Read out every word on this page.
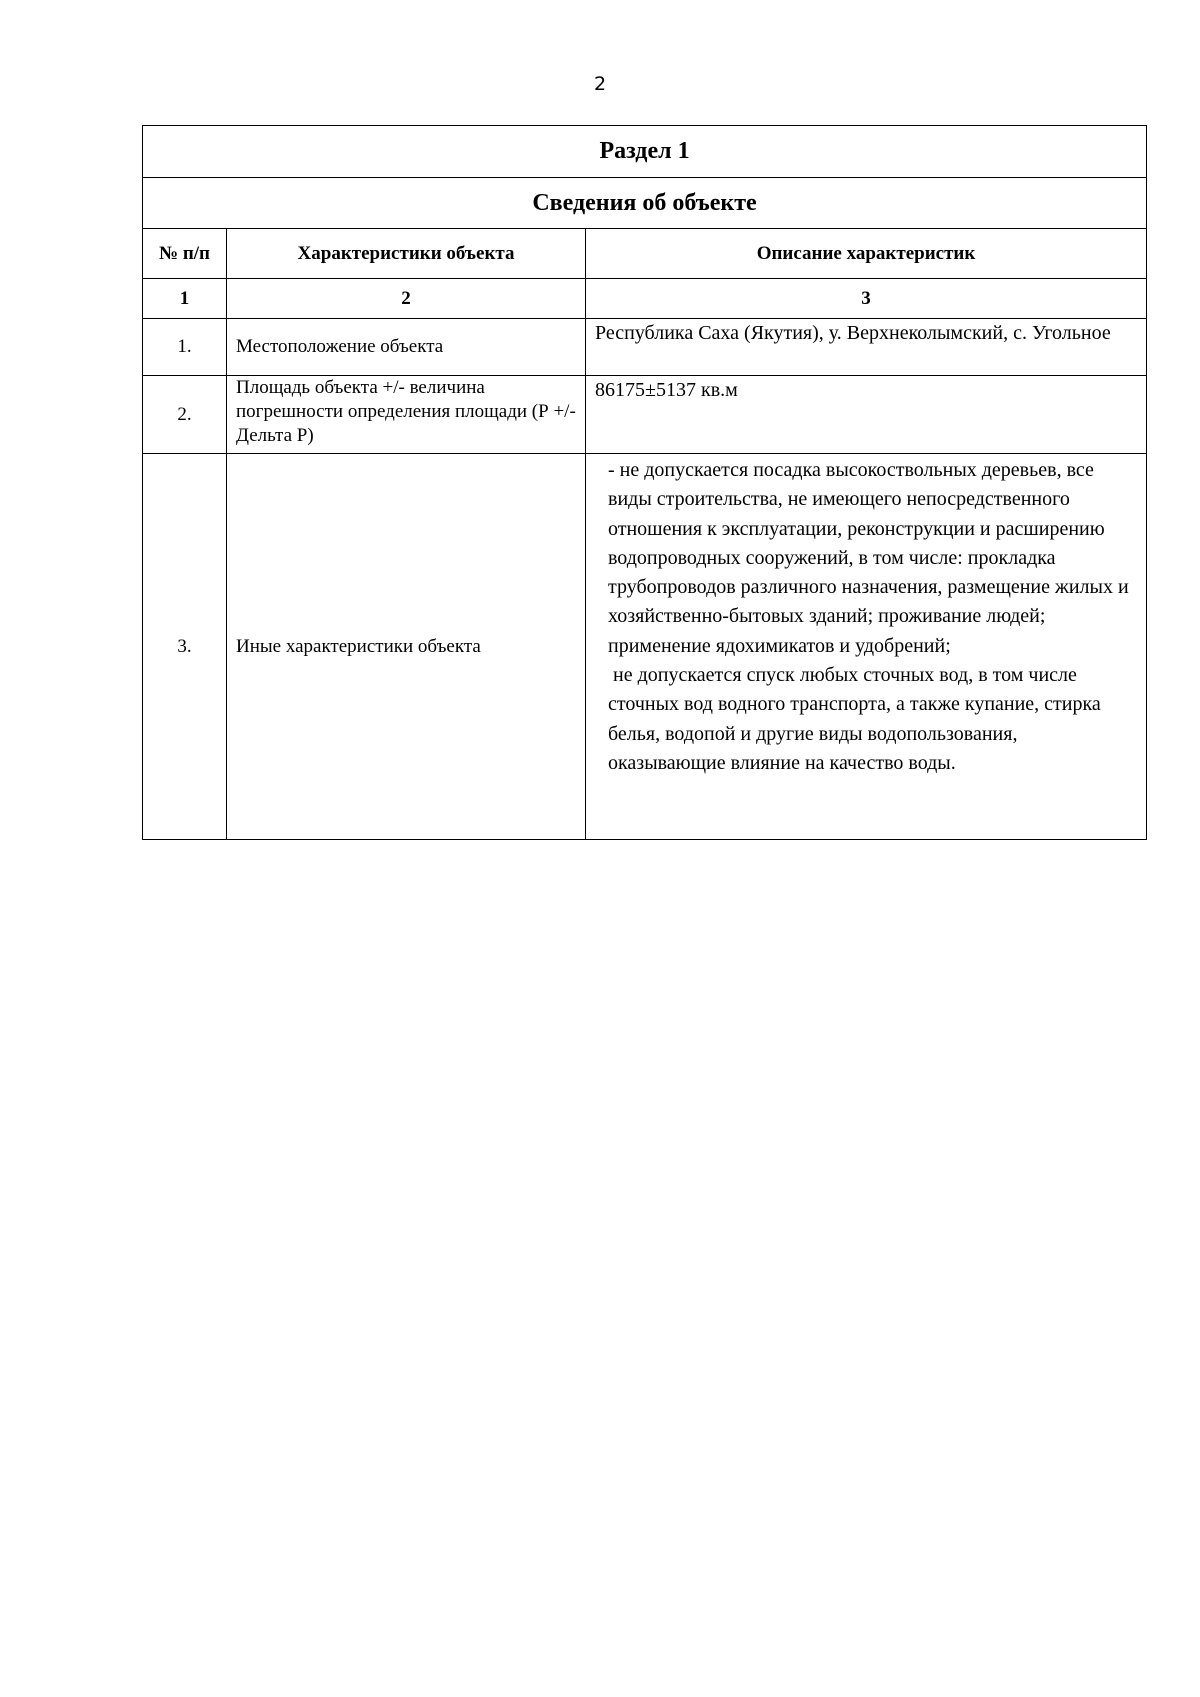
2
Раздел 1		
Сведения об объекте		
№ п/п	Характеристики объекта	Описание характеристик
1	2	3
1.	Местоположение объекта	Республика Саха (Якутия), у. Верхнеколымский, с. Угольное
2.	Площадь объекта +/- величина погрешности определения площади (Р +/- Дельта Р)	86175±5137 кв.м
3.	Иные характеристики объекта	- не допускается посадка высокоствольных деревьев, все виды строительства, не имеющего непосредственного отношения к эксплуатации, реконструкции и расширению водопроводных сооружений, в том числе: прокладка трубопроводов различного назначения, размещение жилых и хозяйственно-бытовых зданий; проживание людей; применение ядохимикатов и удобрений;
не допускается спуск любых сточных вод, в том числе сточных вод водного транспорта, а также купание, стирка белья, водопой и другие виды водопользования, оказывающие влияние на качество воды.
